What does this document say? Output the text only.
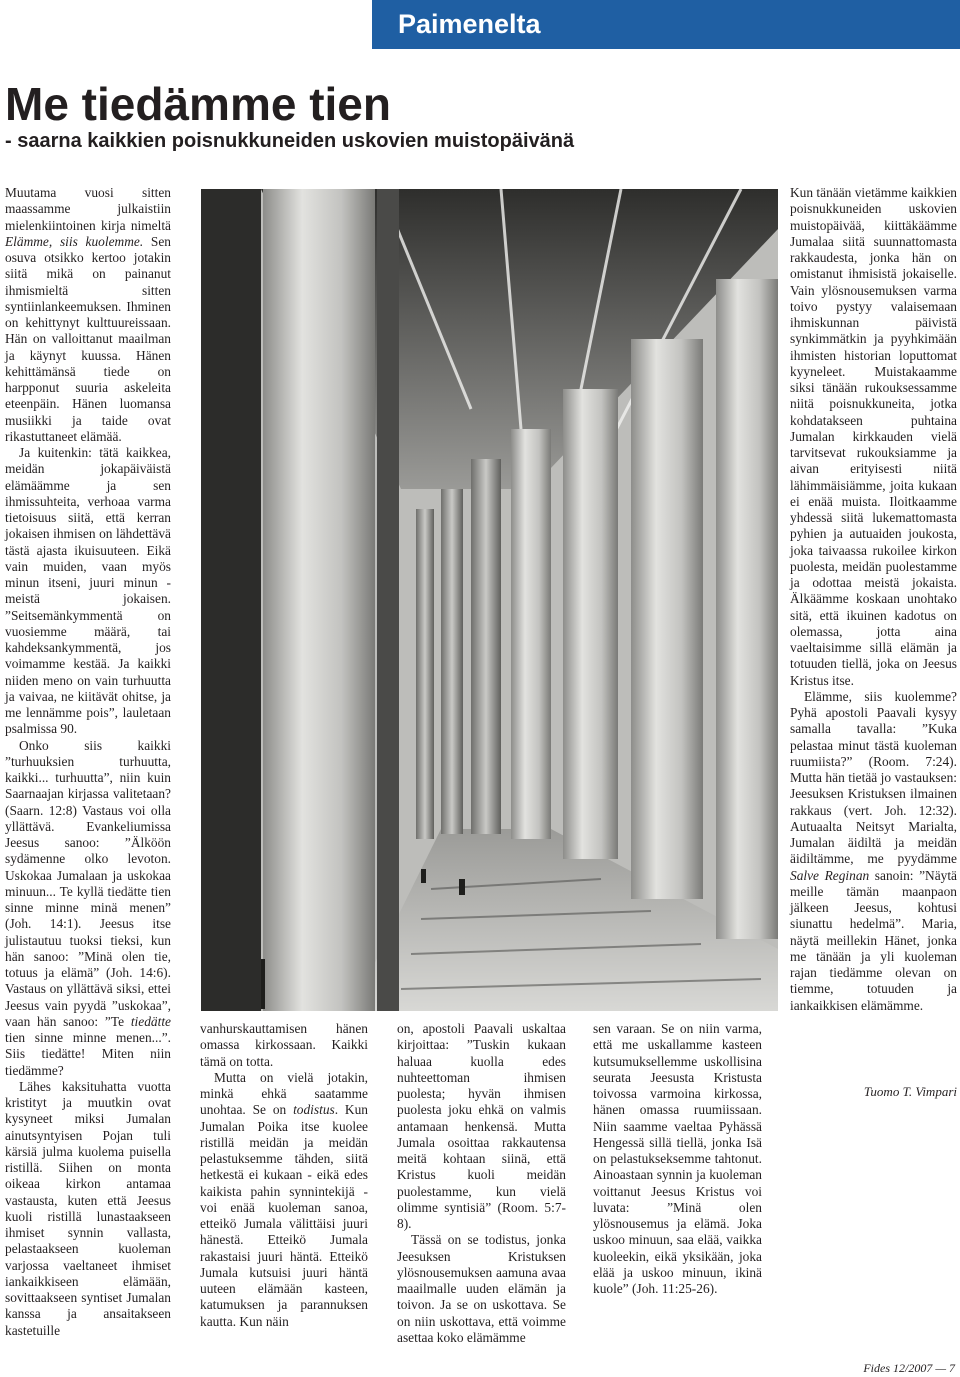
Paimenelta
Me tiedämme tien
- saarna kaikkien poisnukkuneiden uskovien muistopäivänä

Muutama vuosi sitten maassamme julkaistiin mielenkiintoinen kirja nimeltä Elämme, siis kuolemme. Sen osuva otsikko kertoo jotakin siitä mikä on painanut ihmismieltä sitten syntiinlankeemuksen. Ihminen on kehittynyt kulttuureissaan. Hän on valloittanut maailman ja käynyt kuussa. Hänen kehittämänsä tiede on harpponut suuria askeleita eteenpäin. Hänen luomansa musiikki ja taide ovat rikastuttaneet elämää.

Ja kuitenkin: tätä kaikkea, meidän jokapäiväistä elämäämme ja sen ihmissuhteita, verhoaa varma tietoisuus siitä, että kerran jokaisen ihmisen on lähdettävä tästä ajasta ikuisuuteen. Eikä vain muiden, vaan myös minun itseni, juuri minun - meistä jokaisen. ”Seitsemänkymmentä on vuosiemme määrä, tai kahdeksankymmentä, jos voimamme kestää. Ja kaikki niiden meno on vain turhuutta ja vaivaa, ne kiitävät ohitse, ja me lennämme pois”, lauletaan psalmissa 90.

Onko siis kaikki ”turhuuksien turhuutta, kaikki... turhuutta”, niin kuin Saarnaajan kirjassa valitetaan? (Saarn. 12:8) Vastaus voi olla yllättävä. Evankeliumissa Jeesus sanoo: ”Älköön sydämenne olko levoton. Uskokaa Jumalaan ja uskokaa minuun... Te kyllä tiedätte tien sinne minne minä menen” (Joh. 14:1). Jeesus itse julistautuu tuoksi tieksi, kun hän sanoo: ”Minä olen tie, totuus ja elämä” (Joh. 14:6). Vastaus on yllättävä siksi, ettei Jeesus vain pyydä ”uskokaa”, vaan hän sanoo: ”Te tiedätte tien sinne minne menen...”. Siis tiedätte! Miten niin tiedämme?

Lähes kaksituhatta vuotta kristityt ja muutkin ovat kysyneet miksi Jumalan ainutsyntyisen Pojan tuli kärsiä julma kuolema puisella ristillä. Siihen on monta oikeaa kirkon antamaa vastausta, kuten että Jeesus kuoli ristillä lunastaakseen ihmiset synnin vallasta, pelastaakseen kuoleman varjossa vaeltaneet ihmiset iankaikkiseen elämään, sovittaakseen syntiset Jumalan kanssa ja ansaitakseen kastetuille

vanhurskauttamisen hänen omassa kirkossaan. Kaikki tämä on totta.

Mutta on vielä jotakin, minkä ehkä saatamme unohtaa. Se on todistus. Kun Jumalan Poika itse kuolee ristillä meidän ja meidän pelastuksemme tähden, siitä hetkestä ei kukaan - eikä edes kaikista pahin synnintekijä - voi enää kuoleman sanoa, etteikö Jumala välittäisi juuri hänestä. Etteikö Jumala rakastaisi juuri häntä. Etteikö Jumala kutsuisi juuri häntä uuteen elämään kasteen, katumuksen ja parannuksen kautta. Kun näin

on, apostoli Paavali uskaltaa kirjoittaa: ”Tuskin kukaan haluaa kuolla edes nuhteettoman ihmisen puolesta; hyvän ihmisen puolesta joku ehkä on valmis antamaan henkensä. Mutta Jumala osoittaa rakkautensa meitä kohtaan siinä, että Kristus kuoli meidän puolestamme, kun vielä olimme syntisiä” (Room. 5:7-8).

Tässä on se todistus, jonka Jeesuksen Kristuksen ylösnousemuksen aamuna avaa maailmalle uuden elämän ja toivon. Ja se on uskottava. Se on niin uskottava, että voimme asettaa koko elämämme

sen varaan. Se on niin varma, että me uskallamme kasteen kutsumuksellemme uskollisina seurata Jeesusta Kristusta toivossa varmoina kirkossa, hänen omassa ruumiissaan. Niin saamme vaeltaa Pyhässä Hengessä sillä tiellä, jonka Isä on pelastukseksemme tahtonut. Ainoastaan synnin ja kuoleman voittanut Jeesus Kristus voi luvata: ”Minä olen ylösnousemus ja elämä. Joka uskoo minuun, saa elää, vaikka kuoleekin, eikä yksikään, joka elää ja uskoo minuun, ikinä kuole” (Joh. 11:25-26).

Kun tänään vietämme kaikkien poisnukkuneiden uskovien muistopäivää, kiittäkäämme Jumalaa siitä suunnattomasta rakkaudesta, jonka hän on omistanut ihmisistä jokaiselle. Vain ylösnousemuksen varma toivo pystyy valaisemaan ihmiskunnan päivistä synkimmätkin ja pyyhkimään ihmisten historian loputtomat kyyneleet. Muistakaamme siksi tänään rukouksessamme niitä poisnukkuneita, jotka kohdatakseen puhtaina Jumalan kirkkauden vielä tarvitsevat rukouksiamme ja aivan erityisesti niitä lähimmäisiämme, joita kukaan ei enää muista. Iloitkaamme yhdessä siitä lukemattomasta pyhien ja autuaiden joukosta, joka taivaassa rukoilee kirkon puolesta, meidän puolestamme ja odottaa meistä jokaista. Älkäämme koskaan unohtako sitä, että ikuinen kadotus on olemassa, jotta aina vaeltaisimme sillä elämän ja totuuden tiellä, joka on Jeesus Kristus itse.

Elämme, siis kuolemme? Pyhä apostoli Paavali kysyy samalla tavalla: ”Kuka pelastaa minut tästä kuoleman ruumiista?” (Room. 7:24). Mutta hän tietää jo vastauksen: Jeesuksen Kristuksen ilmainen rakkaus (vert. Joh. 12:32). Autuaalta Neitsyt Marialta, Jumalan äidiltä ja meidän äidiltämme, me pyydämme Salve Reginan sanoin: ”Näytä meille tämän maanpaon jälkeen Jeesus, kohtusi siunattu hedelmä”. Maria, näytä meillekin Hänet, jonka me tänään ja yli kuoleman rajan tiedämme olevan on tiemme, totuuden ja iankaikkisen elämämme.

Tuomo T. Vimpari

Fides 12/2007 — 7
